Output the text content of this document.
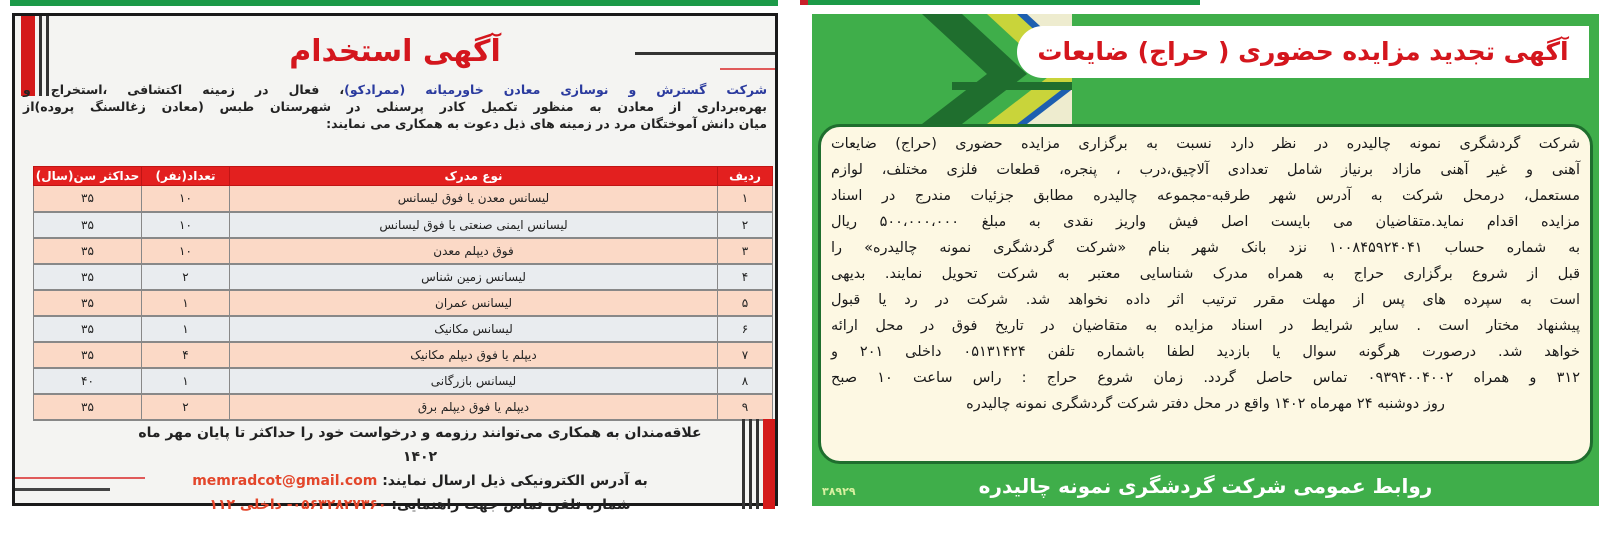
آگهی استخدام
شرکت گسترش و نوسازی معادن خاورمیانه (ممرادکو)، فعال در زمینه اکتشافی ،استخراج و
بهره‌برداری از معادن به منظور تکمیل کادر پرسنلی در شهرستان طبس (معادن زغالسنگ پروده)از
میان دانش آموختگان مرد در زمینه های ذیل دعوت به همکاری می نمایند:
ردیف	نوع مدرک	تعداد(نفر)	حداکثر سن(سال)
۱	لیسانس معدن یا فوق لیسانس	۱۰	۳۵
۲	لیسانس ایمنی صنعتی یا فوق لیسانس	۱۰	۳۵
۳	فوق دیپلم معدن	۱۰	۳۵
۴	لیسانس زمین شناس	۲	۳۵
۵	لیسانس عمران	۱	۳۵
۶	لیسانس مکانیک	۱	۳۵
۷	دیپلم یا فوق دیپلم مکانیک	۴	۳۵
۸	لیسانس بازرگانی	۱	۴۰
۹	دیپلم یا فوق دیپلم برق	۲	۳۵
علاقه‌مندان به همکاری می‌توانند رزومه و درخواست خود را حداکثر تا پایان مهر ماه ۱۴۰۲
به آدرس الکترونیکی ذیل ارسال نمایند: memradcot@gmail.com
شماره تلفن تماس جهت راهنمایی: ۰۵۶۳۲۸۲۷۳۶۰- داخلی ۱۱۲
آگهی تجدید مزایده حضوری ( حراج) ضایعات
شرکت گردشگری نمونه چالیدره در نظر دارد نسبت به برگزاری مزایده حضوری (حراج) ضایعات
آهنی و غیر آهنی مازاد برنیاز شامل تعدادی آلاچیق،درب ، پنجره، قطعات فلزی مختلف، لوازم
مستعمل، درمحل شرکت به آدرس شهر طرقبه-مجموعه چالیدره مطابق جزئیات مندرج در اسناد
مزایده اقدام نماید.متقاضیان می بایست اصل فیش واریز نقدی به مبلغ ۵۰۰،۰۰۰،۰۰۰ ریال
به شماره حساب ۱۰۰۸۴۵۹۲۴۰۴۱ نزد بانک شهر بنام «شرکت گردشگری نمونه چالیدره» را
قبل از شروع برگزاری حراج به همراه مدرک شناسایی معتبر به شرکت تحویل نمایند. بدیهی
است به سپرده های پس از مهلت مقرر ترتیب اثر داده نخواهد شد. شرکت در رد یا قبول
پیشنهاد مختار است . سایر شرایط در اسناد مزایده به متقاضیان در تاریخ فوق در محل ارائه
خواهد شد. درصورت هرگونه سوال یا بازدید لطفا باشماره تلفن ۰۵۱۳۱۴۲۴ داخلی ۲۰۱ و
۳۱۲ و همراه ۰۹۳۹۴۰۰۴۰۰۲ تماس حاصل گردد. زمان شروع حراج : راس ساعت ۱۰ صبح
روز دوشنبه ۲۴ مهرماه ۱۴۰۲ واقع در محل دفتر شرکت گردشگری نمونه چالیدره
روابط عمومی شرکت گردشگری نمونه چالیدره
۳۸۹۲۹
